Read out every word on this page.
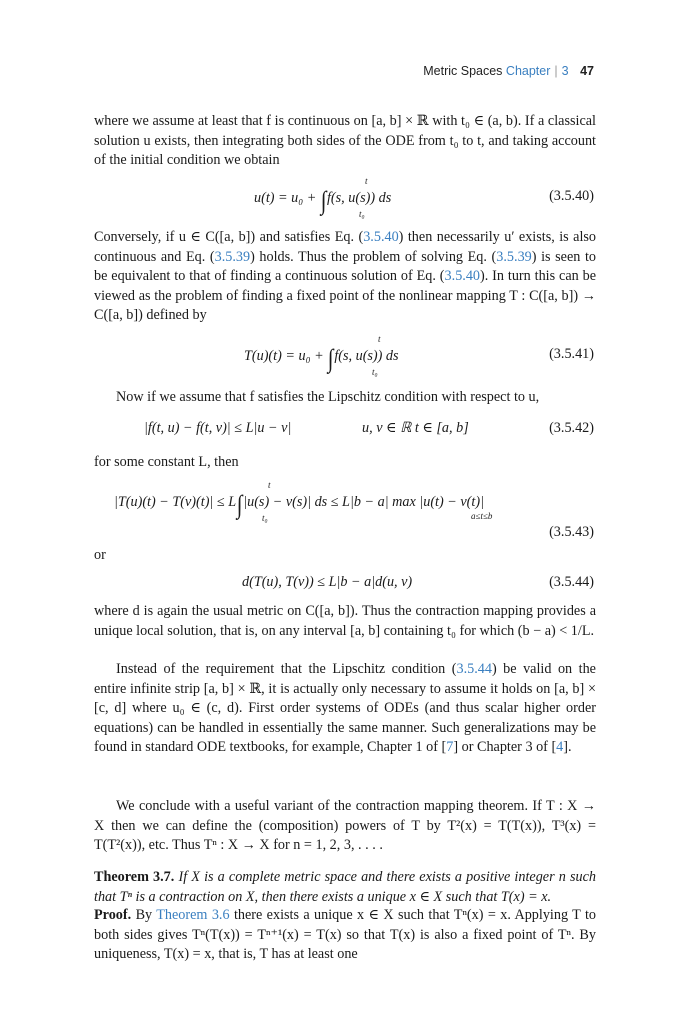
Metric Spaces Chapter | 3 47

where we assume at least that f is continuous on [a, b] × ℝ with t₀ ∈ (a, b). If a classical solution u exists, then integrating both sides of the ODE from t₀ to t, and taking account of the initial condition we obtain

u(t) = u₀ + ∫f(s, u(s)) ds
t
t₀
(3.5.40)

Conversely, if u ∈ C([a, b]) and satisfies Eq. (3.5.40) then necessarily u′ exists, is also continuous and Eq. (3.5.39) holds. Thus the problem of solving Eq. (3.5.39) is seen to be equivalent to that of finding a continuous solution of Eq. (3.5.40). In turn this can be viewed as the problem of finding a fixed point of the nonlinear mapping T : C([a, b]) → C([a, b]) defined by

T(u)(t) = u₀ + ∫f(s, u(s)) ds
t
t₀
(3.5.41)

Now if we assume that f satisfies the Lipschitz condition with respect to u,

|f(t, u) − f(t, v)| ≤ L|u − v|	u, v ∈ ℝ t ∈ [a, b]	(3.5.42)

for some constant L, then

|T(u)(t) − T(v)(t)| ≤ L∫|u(s) − v(s)| ds ≤ L|b − a| max |u(t) − v(t)|
t
t₀	a≤t≤b
(3.5.43)

or

d(T(u), T(v)) ≤ L|b − a|d(u, v)	(3.5.44)

where d is again the usual metric on C([a, b]). Thus the contraction mapping provides a unique local solution, that is, on any interval [a, b] containing t₀ for which (b − a) < 1/L.

Instead of the requirement that the Lipschitz condition (3.5.44) be valid on the entire infinite strip [a, b] × ℝ, it is actually only necessary to assume it holds on [a, b] × [c, d] where u₀ ∈ (c, d). First order systems of ODEs (and thus scalar higher order equations) can be handled in essentially the same manner. Such generalizations may be found in standard ODE textbooks, for example, Chapter 1 of [7] or Chapter 3 of [4].

We conclude with a useful variant of the contraction mapping theorem. If T : X → X then we can define the (composition) powers of T by T²(x) = T(T(x)), T³(x) = T(T²(x)), etc. Thus Tⁿ : X → X for n = 1, 2, 3, . . . .

Theorem 3.7. If X is a complete metric space and there exists a positive integer n such that Tⁿ is a contraction on X, then there exists a unique x ∈ X such that T(x) = x.

Proof. By Theorem 3.6 there exists a unique x ∈ X such that Tⁿ(x) = x. Applying T to both sides gives Tⁿ(T(x)) = Tⁿ⁺¹(x) = T(x) so that T(x) is also a fixed point of Tⁿ. By uniqueness, T(x) = x, that is, T has at least one
